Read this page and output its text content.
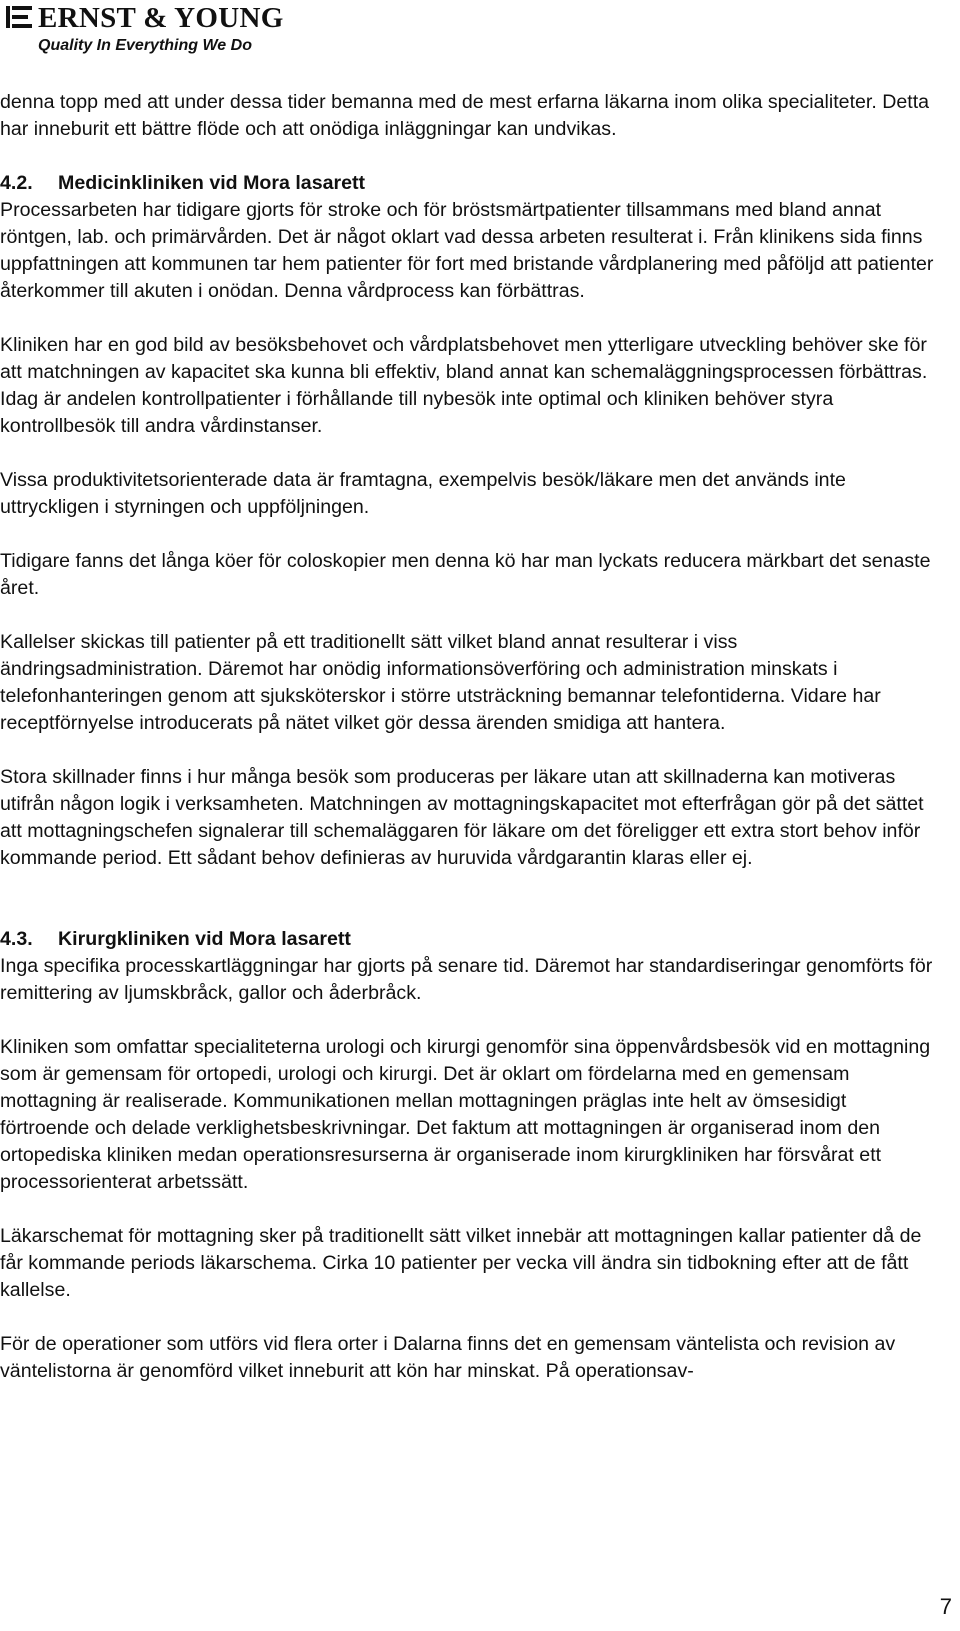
ERNST & YOUNG
Quality In Everything We Do

denna topp med att under dessa tider bemanna med de mest erfarna läkarna inom olika specialiteter. Detta har inneburit ett bättre flöde och att onödiga inläggningar kan undvikas.

4.2. Medicinkliniken vid Mora lasarett

Processarbeten har tidigare gjorts för stroke och för bröstsmärtpatienter tillsammans med bland annat röntgen, lab. och primärvården. Det är något oklart vad dessa arbeten resulterat i. Från klinikens sida finns uppfattningen att kommunen tar hem patienter för fort med bristande vårdplanering med påföljd att patienter återkommer till akuten i onödan. Denna vårdprocess kan förbättras.

Kliniken har en god bild av besöksbehovet och vårdplatsbehovet men ytterligare utveckling behöver ske för att matchningen av kapacitet ska kunna bli effektiv, bland annat kan schemaläggningsprocessen förbättras. Idag är andelen kontrollpatienter i förhållande till nybesök inte optimal och kliniken behöver styra kontrollbesök till andra vårdinstanser.

Vissa produktivitetsorienterade data är framtagna, exempelvis besök/läkare men det används inte uttryckligen i styrningen och uppföljningen.

Tidigare fanns det långa köer för coloskopier men denna kö har man lyckats reducera märkbart det senaste året.

Kallelser skickas till patienter på ett traditionellt sätt vilket bland annat resulterar i viss ändringsadministration. Däremot har onödig informationsöverföring och administration minskats i telefonhanteringen genom att sjuksköterskor i större utsträckning bemannar telefontiderna. Vidare har receptförnyelse introducerats på nätet vilket gör dessa ärenden smidiga att hantera.

Stora skillnader finns i hur många besök som produceras per läkare utan att skillnaderna kan motiveras utifrån någon logik i verksamheten. Matchningen av mottagningskapacitet mot efterfrågan gör på det sättet att mottagningschefen signalerar till schemaläggaren för läkare om det föreligger ett extra stort behov inför kommande period. Ett sådant behov definieras av huruvida vårdgarantin klaras eller ej.

4.3. Kirurgkliniken vid Mora lasarett

Inga specifika processkartläggningar har gjorts på senare tid. Däremot har standardiseringar genomförts för remittering av ljumskbråck, gallor och åderbråck.

Kliniken som omfattar specialiteterna urologi och kirurgi genomför sina öppenvårdsbesök vid en mottagning som är gemensam för ortopedi, urologi och kirurgi. Det är oklart om fördelarna med en gemensam mottagning är realiserade. Kommunikationen mellan mottagningen präglas inte helt av ömsesidigt förtroende och delade verklighetsbeskrivningar. Det faktum att mottagningen är organiserad inom den ortopediska kliniken medan operationsresurserna är organiserade inom kirurgkliniken har försvårat ett processorienterat arbetssätt.

Läkarschemat för mottagning sker på traditionellt sätt vilket innebär att mottagningen kallar patienter då de får kommande periods läkarschema. Cirka 10 patienter per vecka vill ändra sin tidbokning efter att de fått kallelse.

För de operationer som utförs vid flera orter i Dalarna finns det en gemensam väntelista och revision av väntelistorna är genomförd vilket inneburit att kön har minskat. På operationsav-

7
